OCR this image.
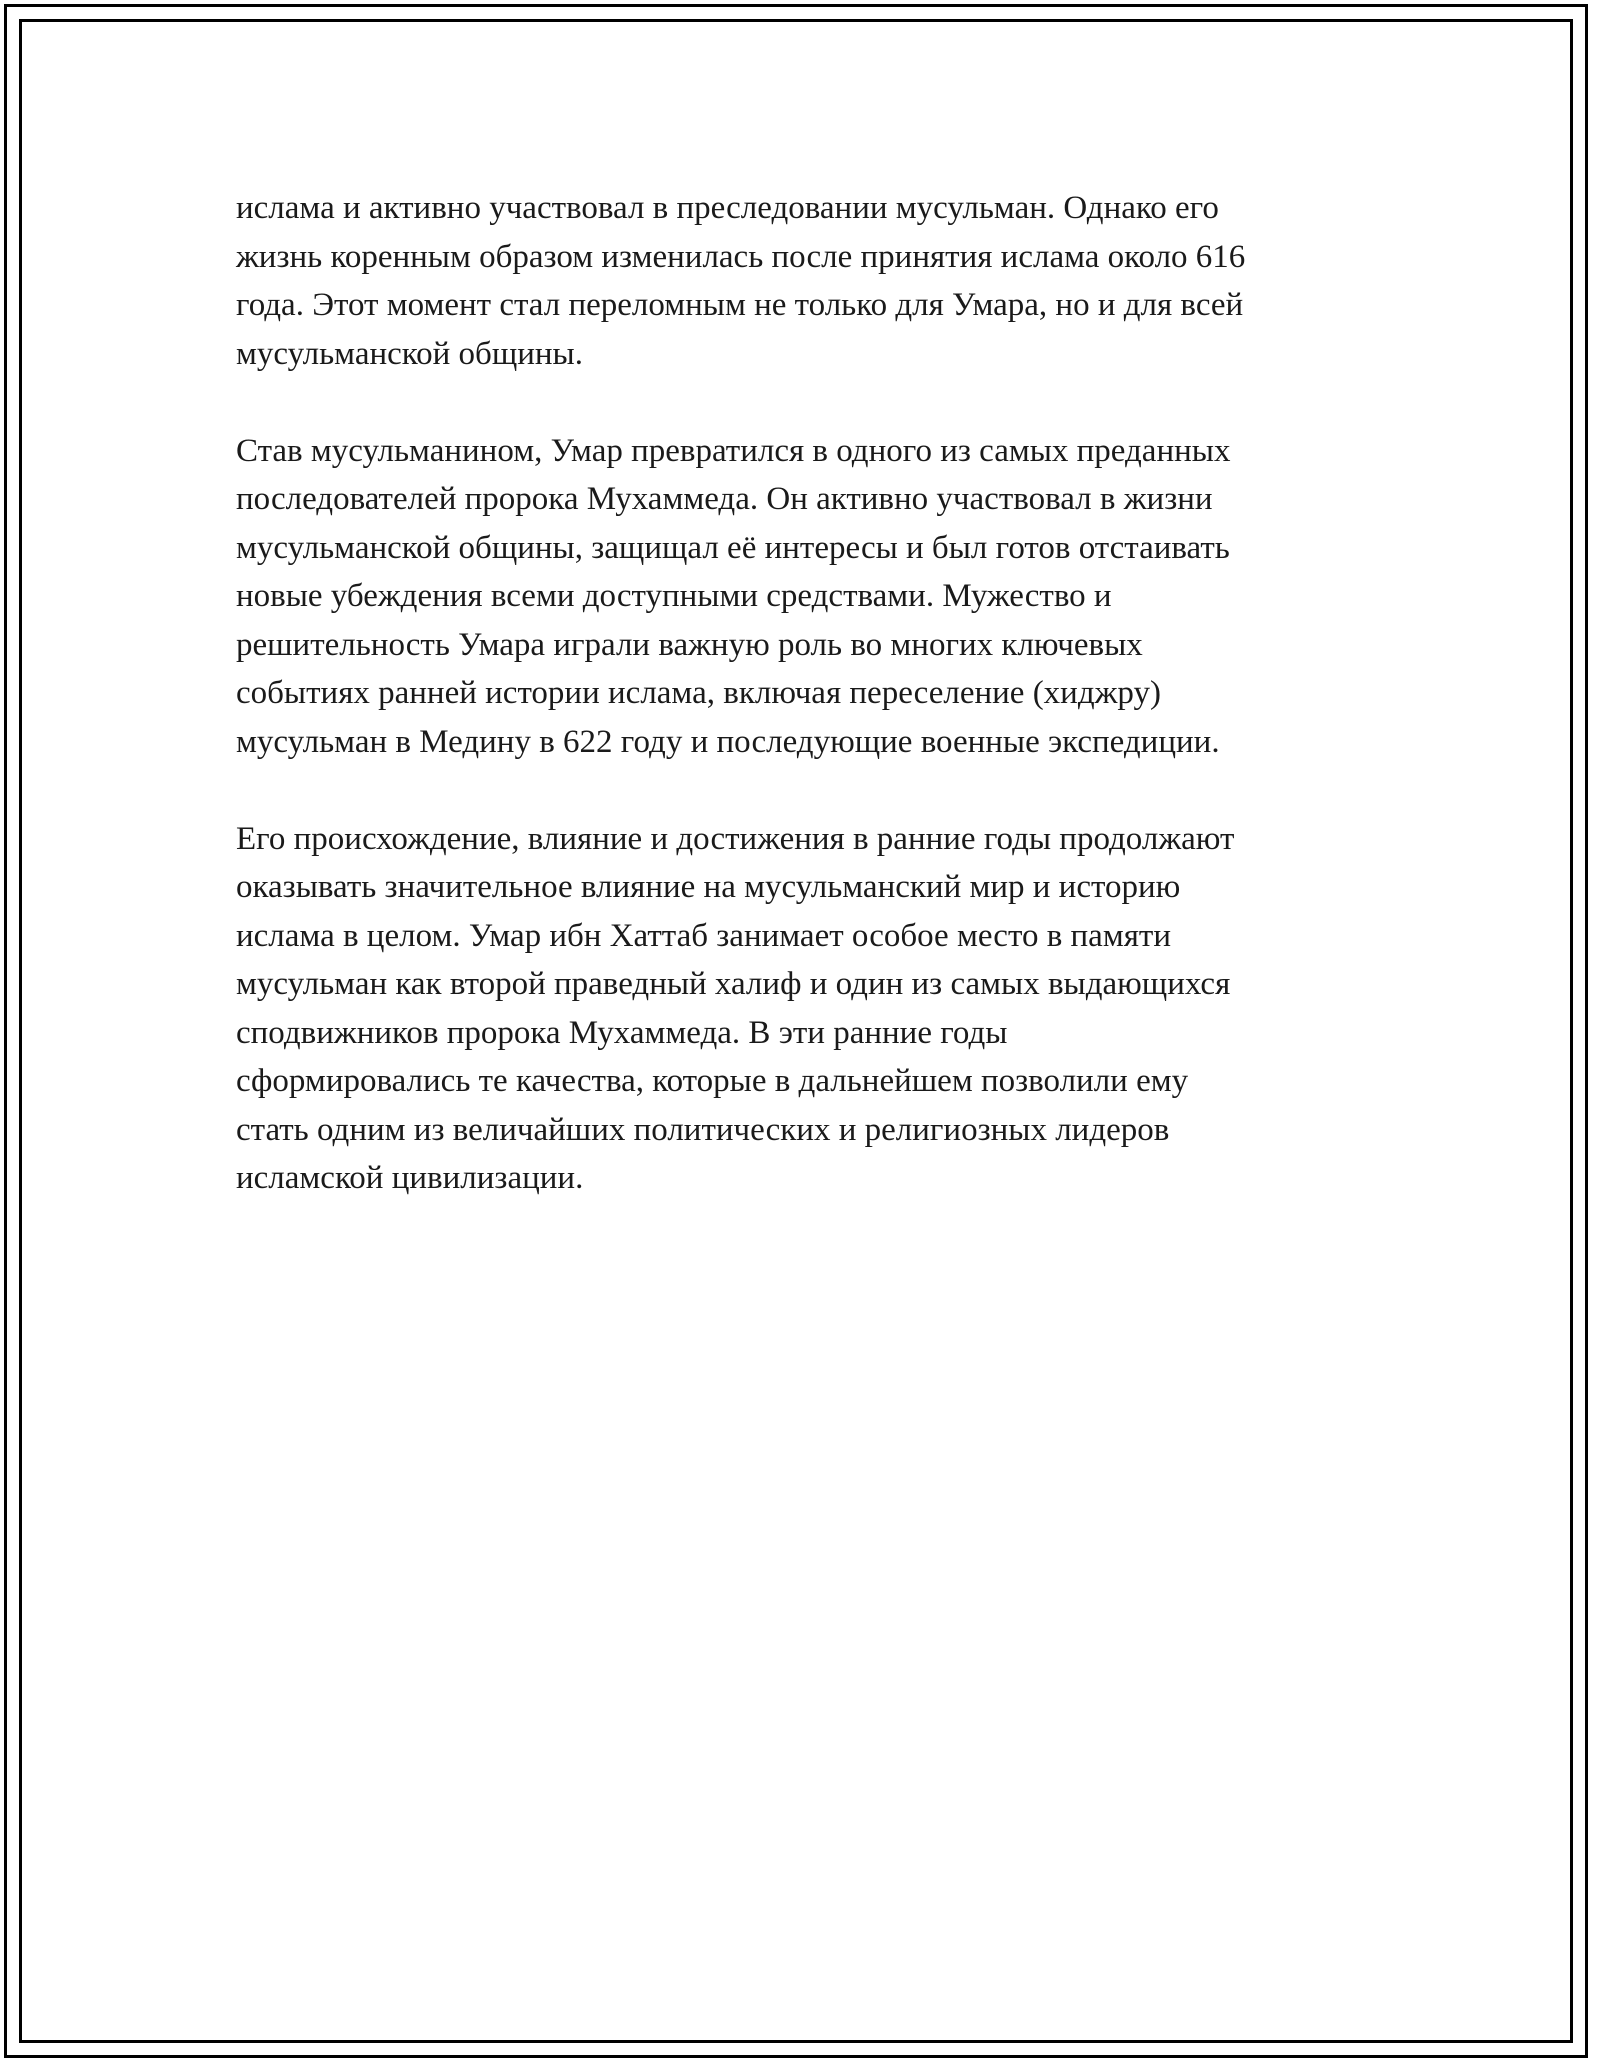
ислама и активно участвовал в преследовании мусульман. Однако его
жизнь коренным образом изменилась после принятия ислама около 616
года. Этот момент стал переломным не только для Умара, но и для всей
мусульманской общины.

Став мусульманином, Умар превратился в одного из самых преданных
последователей пророка Мухаммеда. Он активно участвовал в жизни
мусульманской общины, защищал её интересы и был готов отстаивать
новые убеждения всеми доступными средствами. Мужество и
решительность Умара играли важную роль во многих ключевых
событиях ранней истории ислама, включая переселение (хиджру)
мусульман в Медину в 622 году и последующие военные экспедиции.

Его происхождение, влияние и достижения в ранние годы продолжают
оказывать значительное влияние на мусульманский мир и историю
ислама в целом. Умар ибн Хаттаб занимает особое место в памяти
мусульман как второй праведный халиф и один из самых выдающихся
сподвижников пророка Мухаммеда. В эти ранние годы
сформировались те качества, которые в дальнейшем позволили ему
стать одним из величайших политических и религиозных лидеров
исламской цивилизации.
